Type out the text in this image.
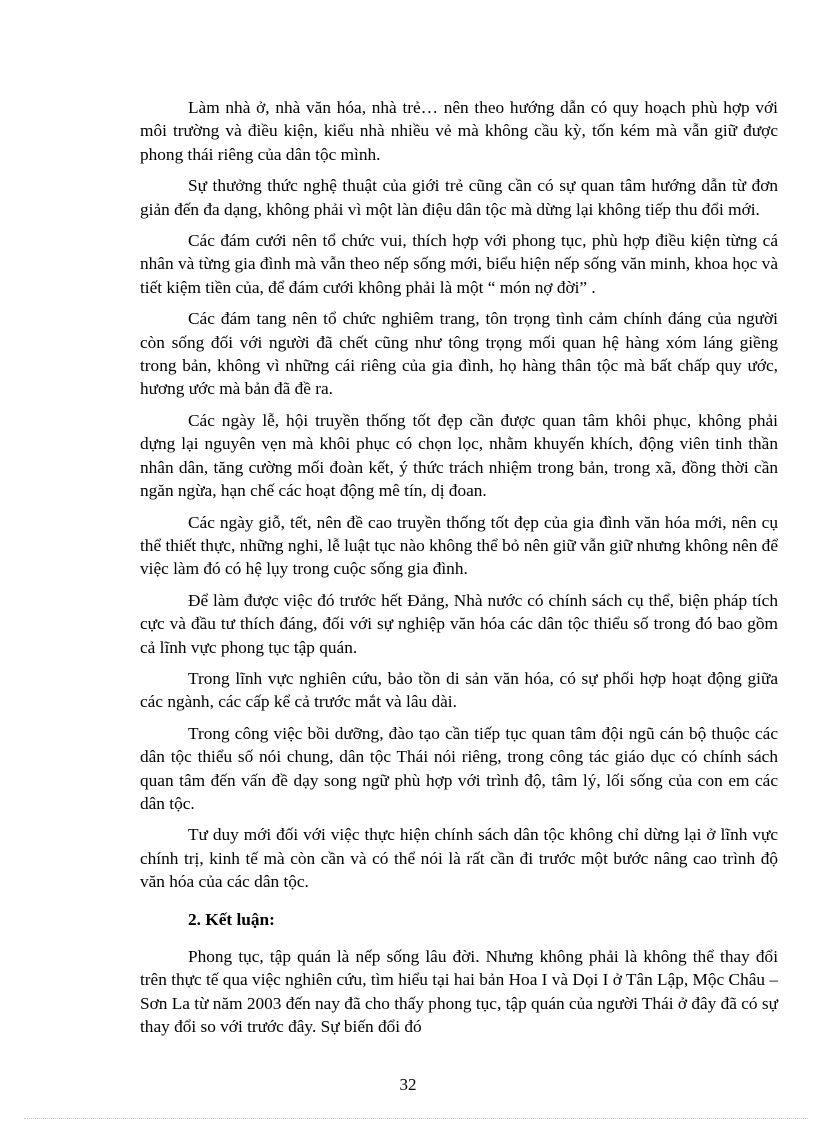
Làm nhà ở, nhà văn hóa, nhà trẻ… nên theo hướng dẫn có quy hoạch phù hợp với môi trường và điều kiện, kiểu nhà nhiều vẻ mà không cầu kỳ, tốn kém mà vẫn giữ được phong thái riêng của dân tộc mình.

Sự thưởng thức nghệ thuật của giới trẻ cũng cần có sự quan tâm hướng dẫn từ đơn giản đến đa dạng, không phải vì một làn điệu dân tộc mà dừng lại không tiếp thu đổi mới.

Các đám cưới nên tổ chức vui, thích hợp với phong tục, phù hợp điều kiện từng cá nhân và từng gia đình mà vẫn theo nếp sống mới, biểu hiện nếp sống văn minh, khoa học và tiết kiệm tiền của, để đám cưới không phải là một “ món nợ đời” .

Các đám tang nên tổ chức nghiêm trang, tôn trọng tình cảm chính đáng của người còn sống đối với người đã chết cũng như tông trọng mối quan hệ hàng xóm láng giềng trong bản, không vì những cái riêng của gia đình, họ hàng thân tộc mà bất chấp quy ước, hương ước mà bản đã đề ra.

Các ngày lễ, hội truyền thống tốt đẹp cần được quan tâm khôi phục, không phải dựng lại nguyên vẹn mà khôi phục có chọn lọc, nhằm khuyến khích, động viên tinh thần nhân dân, tăng cường mối đoàn kết, ý thức trách nhiệm trong bản, trong xã, đồng thời cần ngăn ngừa, hạn chế các hoạt động mê tín, dị đoan.

Các ngày giỗ, tết, nên đề cao truyền thống tốt đẹp của gia đình văn hóa mới, nên cụ thể thiết thực, những nghi, lễ luật tục nào không thể bỏ nên giữ vẫn giữ nhưng không nên để việc làm đó có hệ lụy trong cuộc sống gia đình.

Để làm được việc đó trước hết Đảng, Nhà nước có chính sách cụ thể, biện pháp tích cực và đầu tư thích đáng, đối với sự nghiệp văn hóa các dân tộc thiểu số trong đó bao gồm cả lĩnh vực phong tục tập quán.

Trong lĩnh vực nghiên cứu, bảo tồn di sản văn hóa, có sự phối hợp hoạt động giữa các ngành, các cấp kể cả trước mắt và lâu dài.

Trong công việc bồi dưỡng, đào tạo cần tiếp tục quan tâm đội ngũ cán bộ thuộc các dân tộc thiểu số nói chung, dân tộc Thái nói riêng, trong công tác giáo dục có chính sách quan tâm đến vấn đề dạy song ngữ phù hợp với trình độ, tâm lý, lối sống của con em các dân tộc.

Tư duy mới đối với việc thực hiện chính sách dân tộc không chỉ dừng lại ở lĩnh vực chính trị, kinh tế mà còn cần và có thể nói là rất cần đi trước một bước nâng cao trình độ văn hóa của các dân tộc.

2. Kết luận:

Phong tục, tập quán là nếp sống lâu đời. Nhưng không phải là không thể thay đổi trên thực tế qua việc nghiên cứu, tìm hiểu tại hai bản Hoa I và Dọi I ở Tân Lập, Mộc Châu – Sơn La từ năm 2003 đến nay đã cho thấy phong tục, tập quán của người Thái ở đây đã có sự thay đổi so với trước đây. Sự biến đổi đó

32
